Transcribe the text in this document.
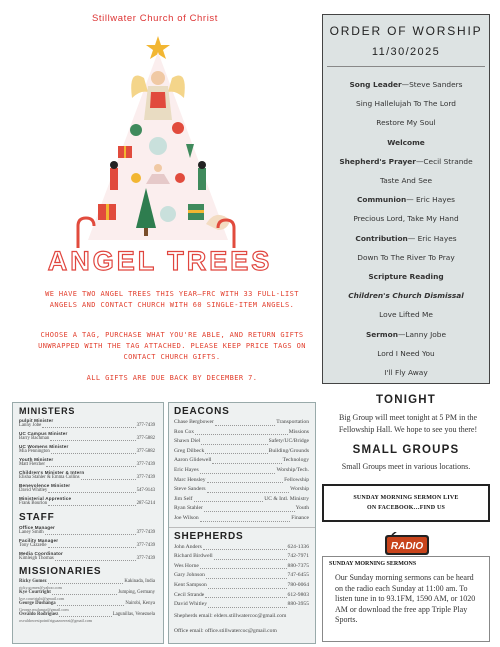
Stillwater Church of Christ
ANGEL TREES
WE HAVE TWO ANGEL TREES THIS YEAR—FRC WITH 33 FULL-LIST ANGELS AND CONTACT CHURCH WITH 60 SINGLE-ITEM ANGELS.
CHOOSE A TAG, PURCHASE WHAT YOU'RE ABLE, AND RETURN GIFTS UNWRAPPED WITH THE TAG ATTACHED. PLEASE KEEP PRICE TAGS ON CONTACT CHURCH GIFTS.
ALL GIFTS ARE DUE BACK BY DECEMBER 7.
MINISTERS
pulpit Minister
Lanny Jobe	377-7439
UC Campus Minister
Barry Bachman	377-5882
UC Womens Minister
Mia Pennington	377-5882
Youth Minister
Matt Fletcher	377-7439
Children's Minister & Intern
Elisha Stahler & Emma Collins	377-7439
Benevolence Minister
David Whitley	547-9143
Ministerial Apprentice
Frank Bourlon	287-5214
STAFF
Office Manager
Laney Smith	377-7439
Facility Manager
Tony Cazzelle	377-7439
Media Coordinator
Kimleigh Thomas	377-7439
MISSIONARIES
Ricky Gomez	Kakinada, India
ricky.gomez@yahoo.com
Kye Courtright	Jumping, Germany
kye.courtright@gmail.com
George Dushanga	Nairobi, Kenya
George.mulunga@gmail.com
Osvaldo Rodriguez	Lagunillas, Venezuela
osvaldowestpointfriguazoerezi@gmail.com
DEACONS
Chase Bergbower	Transportation
Ron Cox	Missions
Shawn Diel	Safety/UC/Bridge
Greg Dilbeck	Building/Grounds
Aaron Glidewell	Technology
Eric Hayes	Worship/Tech.
Marc Hensley	Fellowship
Steve Sanders	Worship
Jim Self	UC & Intl. Ministry
Ryan Stahler	Youth
Joe Wilson	Finance
SHEPHERDS
John Anders	624-1336
Richard Birdwell	742-7971
Wes Horne	880-7375
Gary Johnson	747-6455
Kent Sampson	780-0064
Cecil Strande	612-9803
David Whitley	880-3955
Shepherds email: elders.stillwatercoc@gmail.com
Office email: office.stillwatercoc@gmail.com
ORDER OF WORSHIP
11/30/2025
Song Leader—Steve Sanders
Sing Hallelujah To The Lord
Restore My Soul
Welcome
Shepherd's Prayer—Cecil Strande
Taste And See
Communion— Eric Hayes
Precious Lord, Take My Hand
Contribution— Eric Hayes
Down To The River To Pray
Scripture Reading
Children's Church Dismissal
Love Lifted Me
Sermon—Lanny Jobe
Lord I Need You
I'll Fly Away
TONIGHT
Big Group will meet tonight at 5 PM in the Fellowship Hall. We hope to see you there!
SMALL GROUPS
Small Groups meet in various locations.
SUNDAY MORNING SERMON LIVE
ON FACEBOOK…FIND US
RADIO
SUNDAY MORNING SERMONS
Our Sunday morning sermons can be heard on the radio each Sunday at 11:00 am. To listen tune in to 93.1FM, 1590 AM, or 1020 AM or download the free app Triple Play Sports.
